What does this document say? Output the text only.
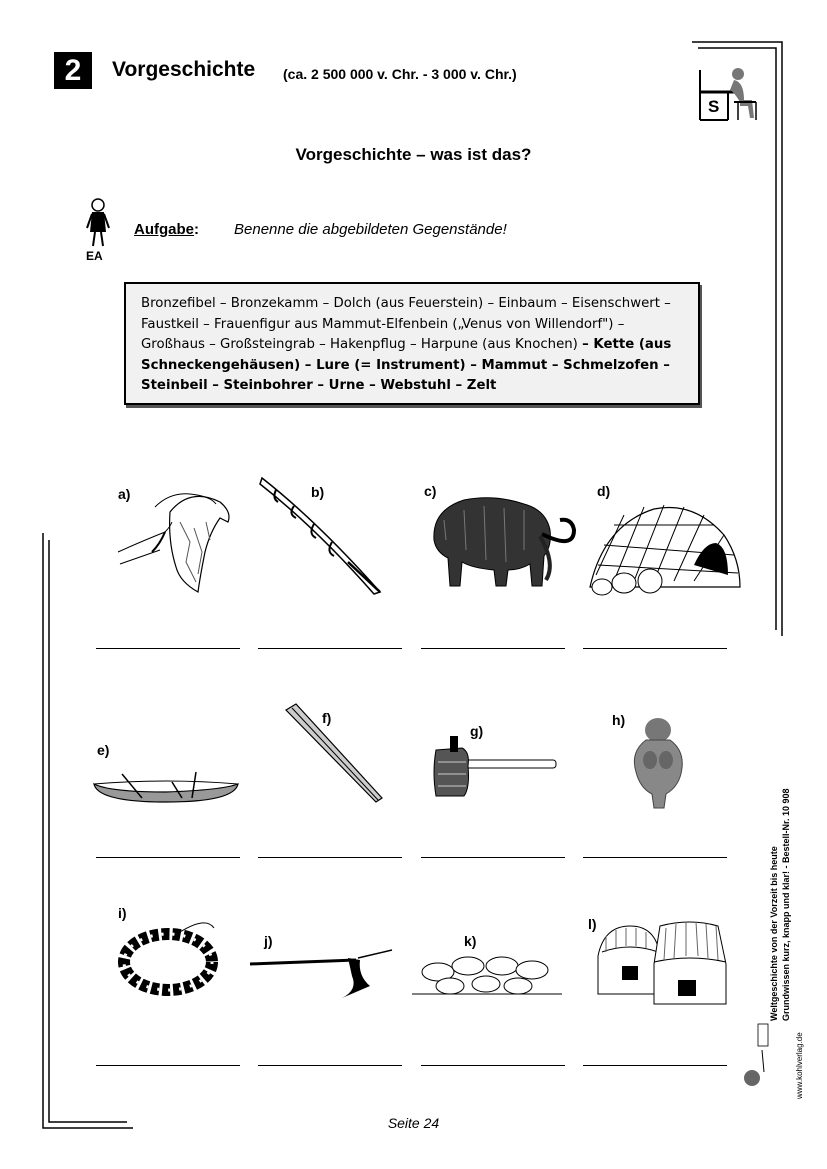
2	Vorgeschichte (ca. 2 500 000 v. Chr. - 3 000 v. Chr.)
S
Vorgeschichte – was ist das?
EA
Aufgabe: Benenne die abgebildeten Gegenstände!
Bronzefibel – Bronzekamm – Dolch (aus Feuerstein) – Einbaum – Eisenschwert –
Faustkeil – Frauenfigur aus Mammut-Elfenbein („Venus von Willendorf") –
Großhaus – Großsteingrab – Hakenpflug – Harpune (aus Knochen) – Kette (aus
Schneckengehäusen) – Lure (= Instrument) – Mammut – Schmelzofen –
Steinbeil – Steinbohrer – Urne – Webstuhl – Zelt
a)	b)	c)	d)
e)
f)
g)
h)
i)
j)	k)
l)	Weltgeschichte von der Vorzeit bis heute Grundwissen kurz, knapp und klar! - Bestell-Nr. 10 908
www.kohlverlag.de
Seite 24
